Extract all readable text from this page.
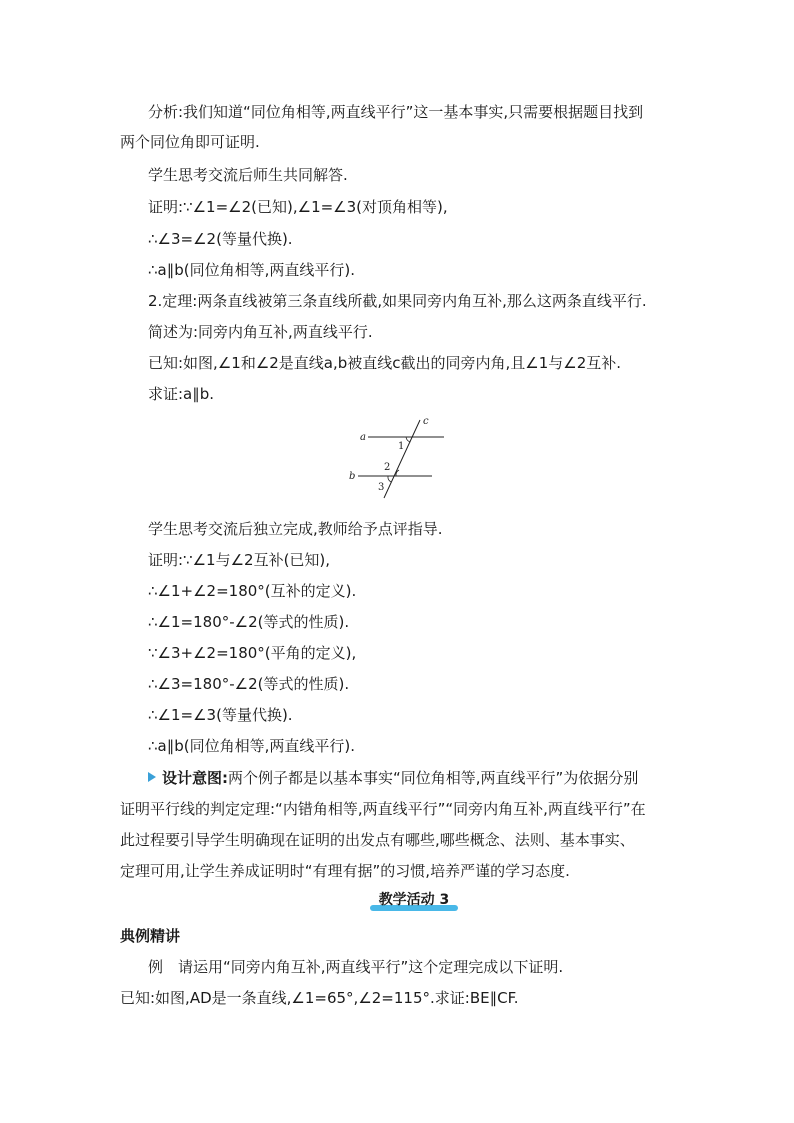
分析:我们知道“同位角相等,两直线平行”这一基本事实,只需要根据题目找到
两个同位角即可证明.
学生思考交流后师生共同解答.
证明:∵∠1=∠2(已知),∠1=∠3(对顶角相等),
∴∠3=∠2(等量代换).
∴a∥b(同位角相等,两直线平行).
2.定理:两条直线被第三条直线所截,如果同旁内角互补,那么这两条直线平行.
简述为:同旁内角互补,两直线平行.
已知:如图,∠1和∠2是直线a,b被直线c截出的同旁内角,且∠1与∠2互补.
求证:a∥b.
a
b
c
1
2
3
学生思考交流后独立完成,教师给予点评指导.
证明:∵∠1与∠2互补(已知),
∴∠1+∠2=180°(互补的定义).
∴∠1=180°-∠2(等式的性质).
∵∠3+∠2=180°(平角的定义),
∴∠3=180°-∠2(等式的性质).
∴∠1=∠3(等量代换).
∴a∥b(同位角相等,两直线平行).
设计意图:两个例子都是以基本事实“同位角相等,两直线平行”为依据分别
证明平行线的判定定理:“内错角相等,两直线平行”“同旁内角互补,两直线平行”在
此过程要引导学生明确现在证明的出发点有哪些,哪些概念、法则、基本事实、
定理可用,让学生养成证明时“有理有据”的习惯,培养严谨的学习态度.
教学活动 3
典例精讲
例　请运用“同旁内角互补,两直线平行”这个定理完成以下证明.
已知:如图,AD是一条直线,∠1=65°,∠2=115°.求证:BE∥CF.
